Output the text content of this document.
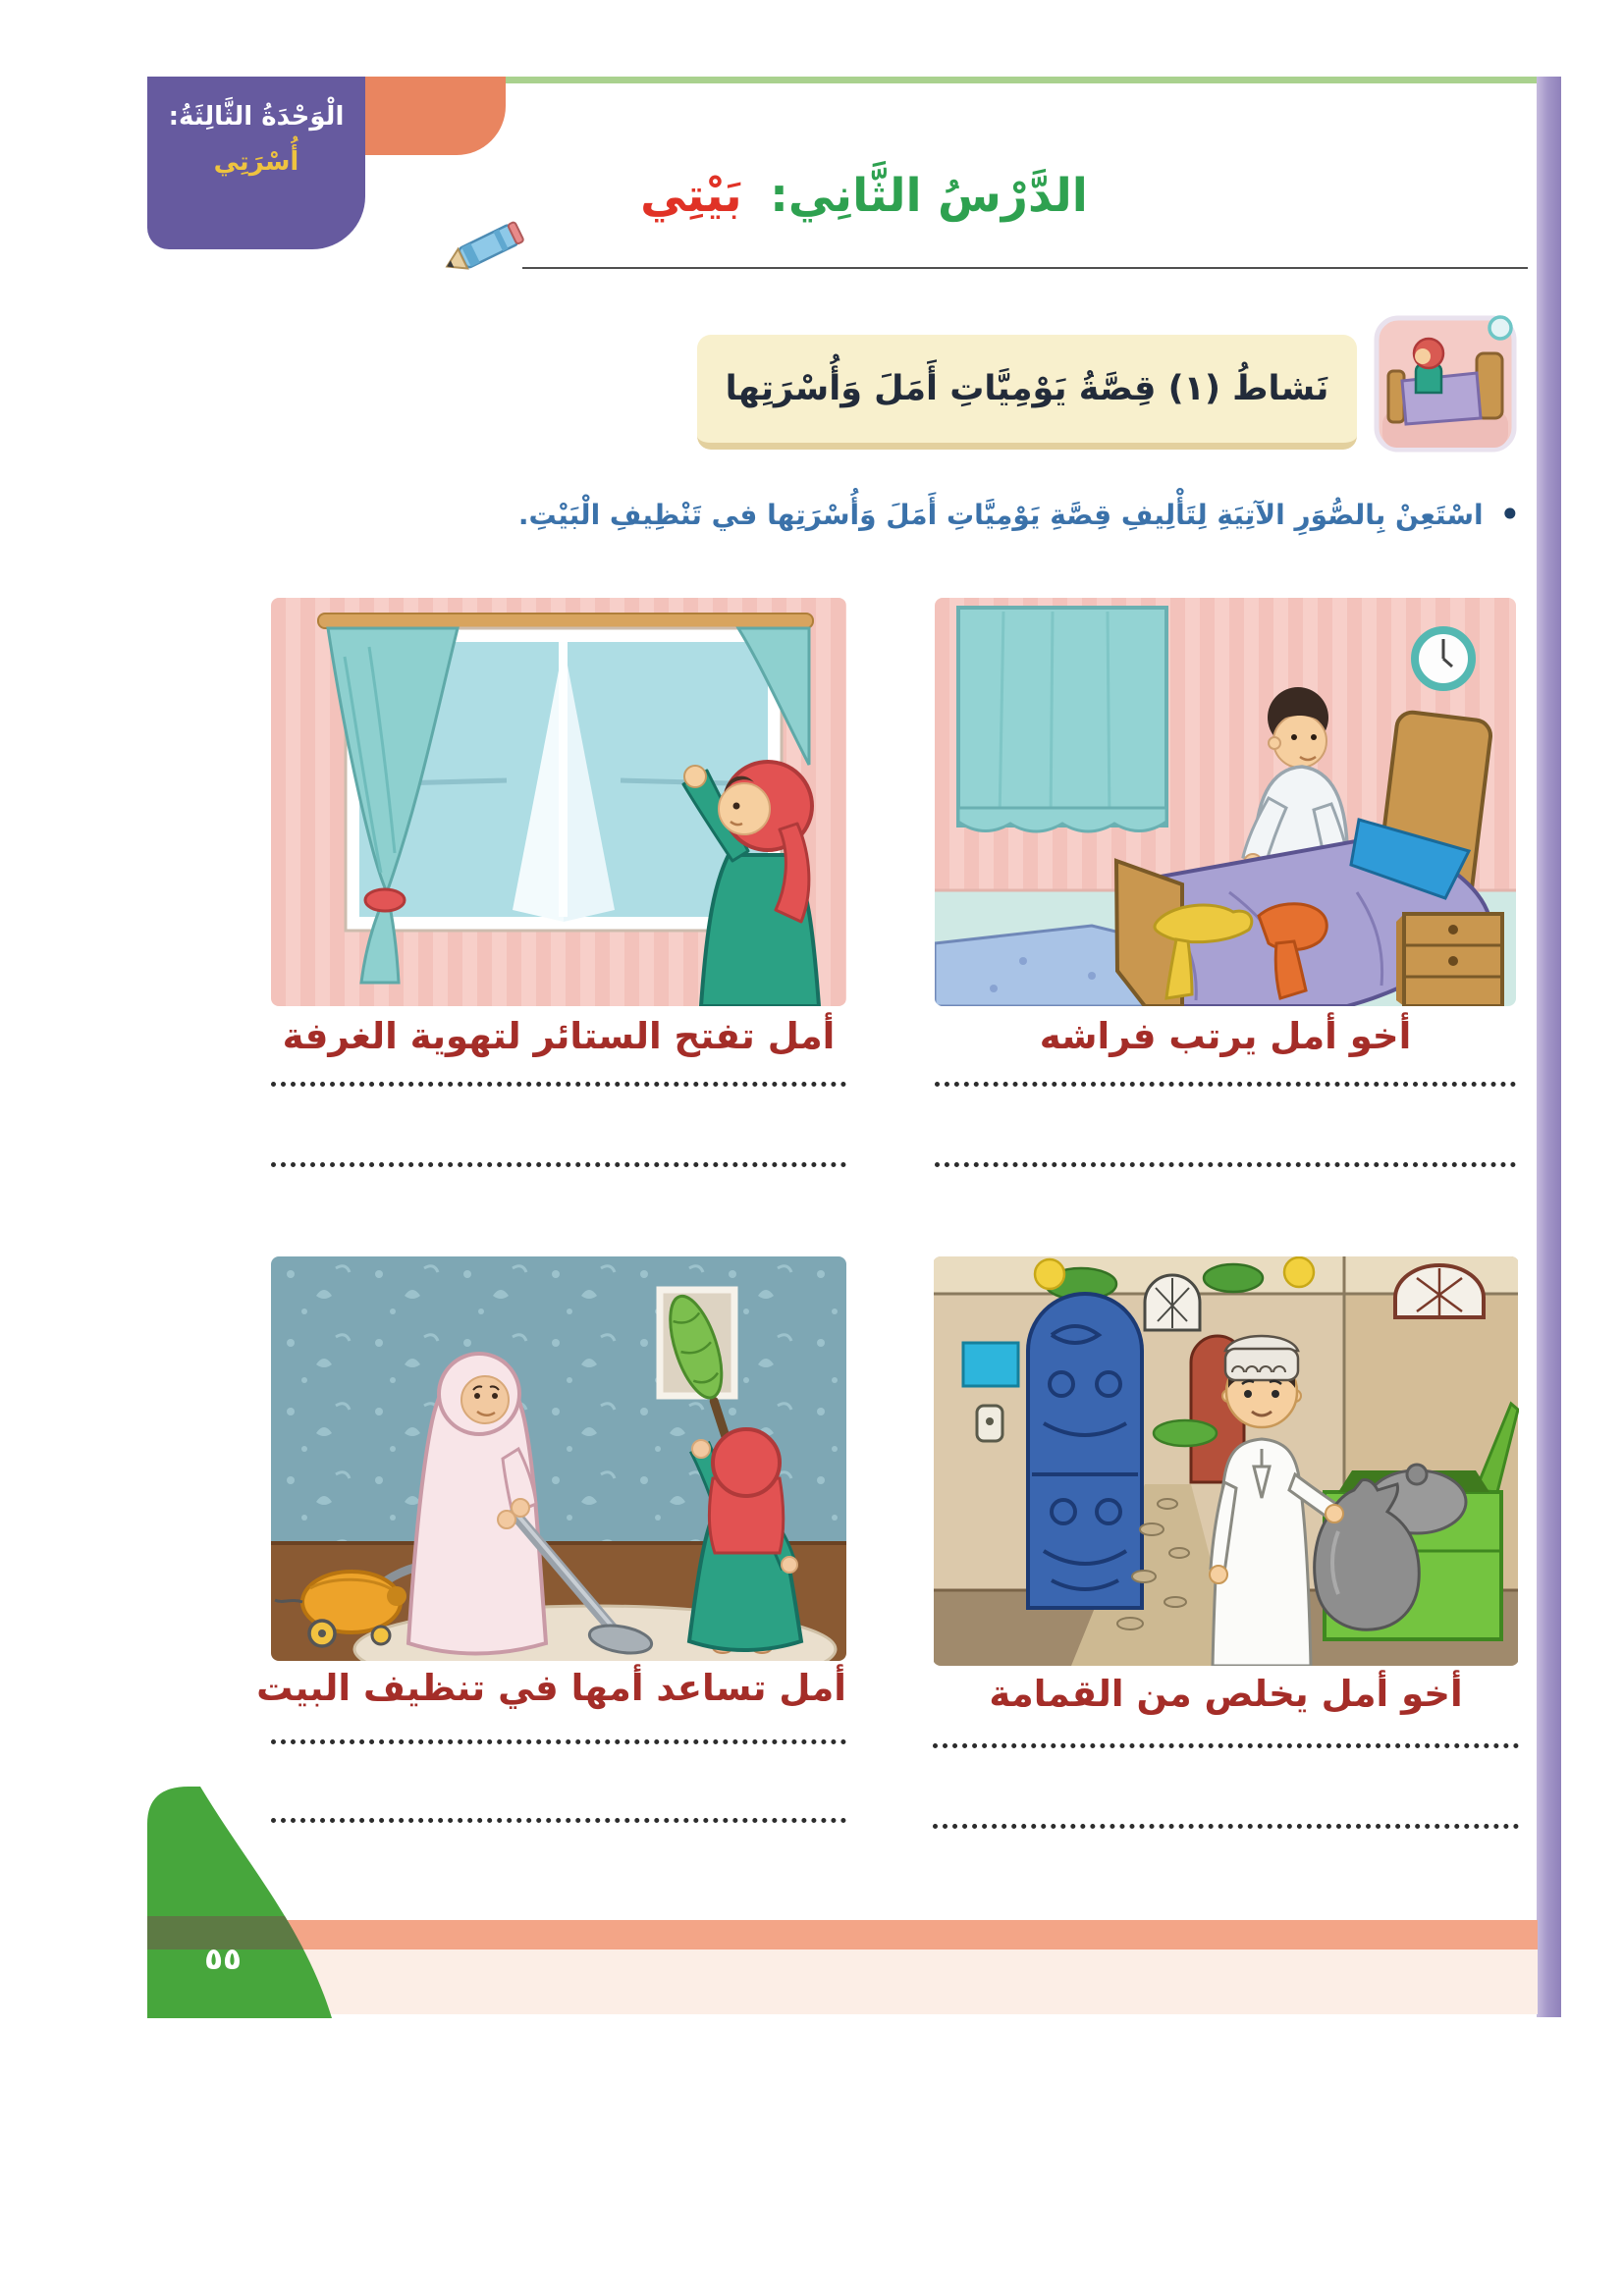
الْوَحْدَةُ الثَّالِثَةُ:
أُسْرَتِي
الدَّرْسُ الثَّانِي: بَيْتِي
نَشاطُ (١) قِصَّةُ يَوْمِيَّاتِ أَمَلَ وَأُسْرَتِها
•
اسْتَعِنْ بِالصُّوَرِ الآتِيَةِ لِتَأْلِيفِ قِصَّةِ يَوْمِيَّاتِ أَمَلَ وَأُسْرَتِها في تَنْظِيفِ الْبَيْتِ.
أمل تفتح الستائر لتهوية الغرفة	أخو أمل يرتب فراشه
أمل تساعد أمها في تنظيف البيت	أخو أمل يخلص من القمامة
٥٥
